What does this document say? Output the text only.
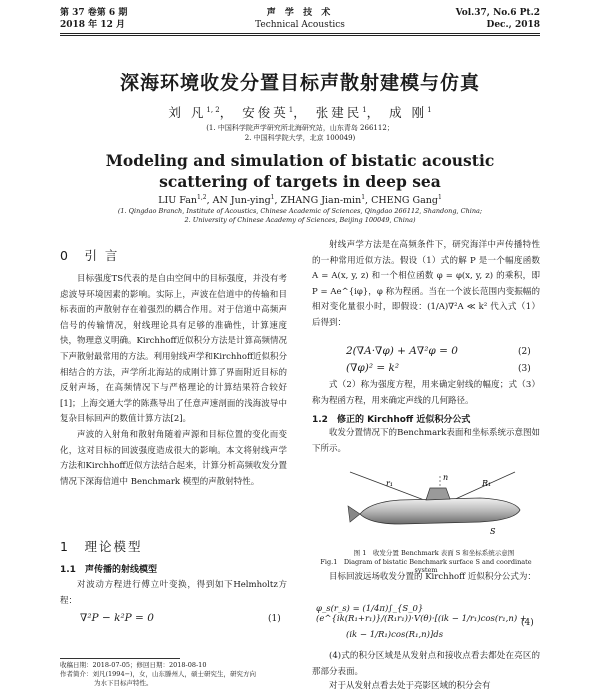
第 37 卷第 6 期
2018 年 12 月
声 学 技 术
Technical Acoustics
Vol.37, No.6 Pt.2
Dec., 2018
深海环境收发分置目标声散射建模与仿真
刘 凡$^{1, 2}$， 安俊英$^1$， 张建民$^1$， 成 刚$^1$
(1. 中国科学院声学研究所北海研究站，山东青岛 266112；
2. 中国科学院大学，北京 100049)
Modeling and simulation of bistatic acoustic scattering of targets in deep sea
LIU Fan$^{1,2}$, AN Jun-ying$^1$, ZHANG Jian-$\min^1$, CHENG Gang$^1$
(1. Qingdao Branch, Institute of Acoustics, Chinese Academic of Sciences, Qingdao 266112, Shandong, China;
2. University of Chinese Academy of Sciences, Beijing 100049, China)
0　引 言

目标强度TS代表的是自由空间中的目标强度，并没有考虑波导环境因素的影响。实际上，声波在信道中的传输和目标表面的声散射存在着强烈的耦合作用。对于信道中高频声信号的传输情况，射线理论具有足够的准确性，计算速度快，物理意义明确。Kirchhoff近似积分方法是计算高频情况下声散射最常用的方法。利用射线声学和Kirchhoff近似积分相结合的方法，声学所北海站的成刚计算了界面附近目标的反射声场，在高频情况下与严格理论的计算结果符合较好[1]；上海交通大学的陈燕导出了任意声速剖面的浅海波导中复杂目标回声的数值计算方法[2]。

声波的入射角和散射角随着声源和目标位置的变化而变化，这对目标的回波强度造成很大的影响。本文将射线声学方法和Kirchhoff近似方法结合起来，计算分析高频收发分置情况下深海信道中 Benchmark 模型的声散射特性。

1　理论模型
1.1　声传播的射线模型

对波动方程进行傅立叶变换，得到如下Helmholtz方程：

∇²P − k²P = 0	(1)
收稿日期：2018-07-05；修回日期：2018-08-10
作者简介：刘凡(1994−)，女，山东滕州人，硕士研究生，研究方向
为水下目标声特性。

射线声学方法是在高频条件下，研究海洋中声传播特性的一种常用近似方法。假设（1）式的解 P 是一个幅度函数 A = A(x, y, z) 和一个相位函数 φ = φ(x, y, z) 的乘积，即 P = Ae^{iφ}，φ 称为程函。当在一个波长范围内变振幅的相对变化量很小时，即假设：(1/A)∇²A ≪ k² 代入式（1）后得到：

2(∇A·∇φ) + A∇²φ = 0	(2)
(∇φ)² = k²	(3)

式（2）称为强度方程，用来确定射线的幅度；式（3）称为程函方程，用来确定声线的几何路径。

1.2　修正的 Kirchhoff 近似积分公式

收发分置情况下的Benchmark表面和坐标系统示意图如下所示。

r₁	R₁
n
S
图 1　收发分置 Benchmark 表面 S 和坐标系统示意图
Fig.1　Diagram of bistatic Benchmark surface S and coordinate system

目标回波远场收发分置的 Kirchhoff 近似积分公式为：

φ_s(r_s) = (1/4π)∫_{S_0} (e^{ik(R₁+r₁)}/(R₁r₁))·V(θ)·[(ik − 1/r₁)cos(r₁,n) +
(ik − 1/R₁)cos(R₁,n)]ds
(4)

(4)式的积分区域是从发射点和接收点看去都处在亮区的那部分表面。

对于从发射点看去处于亮影区域的积分会有
